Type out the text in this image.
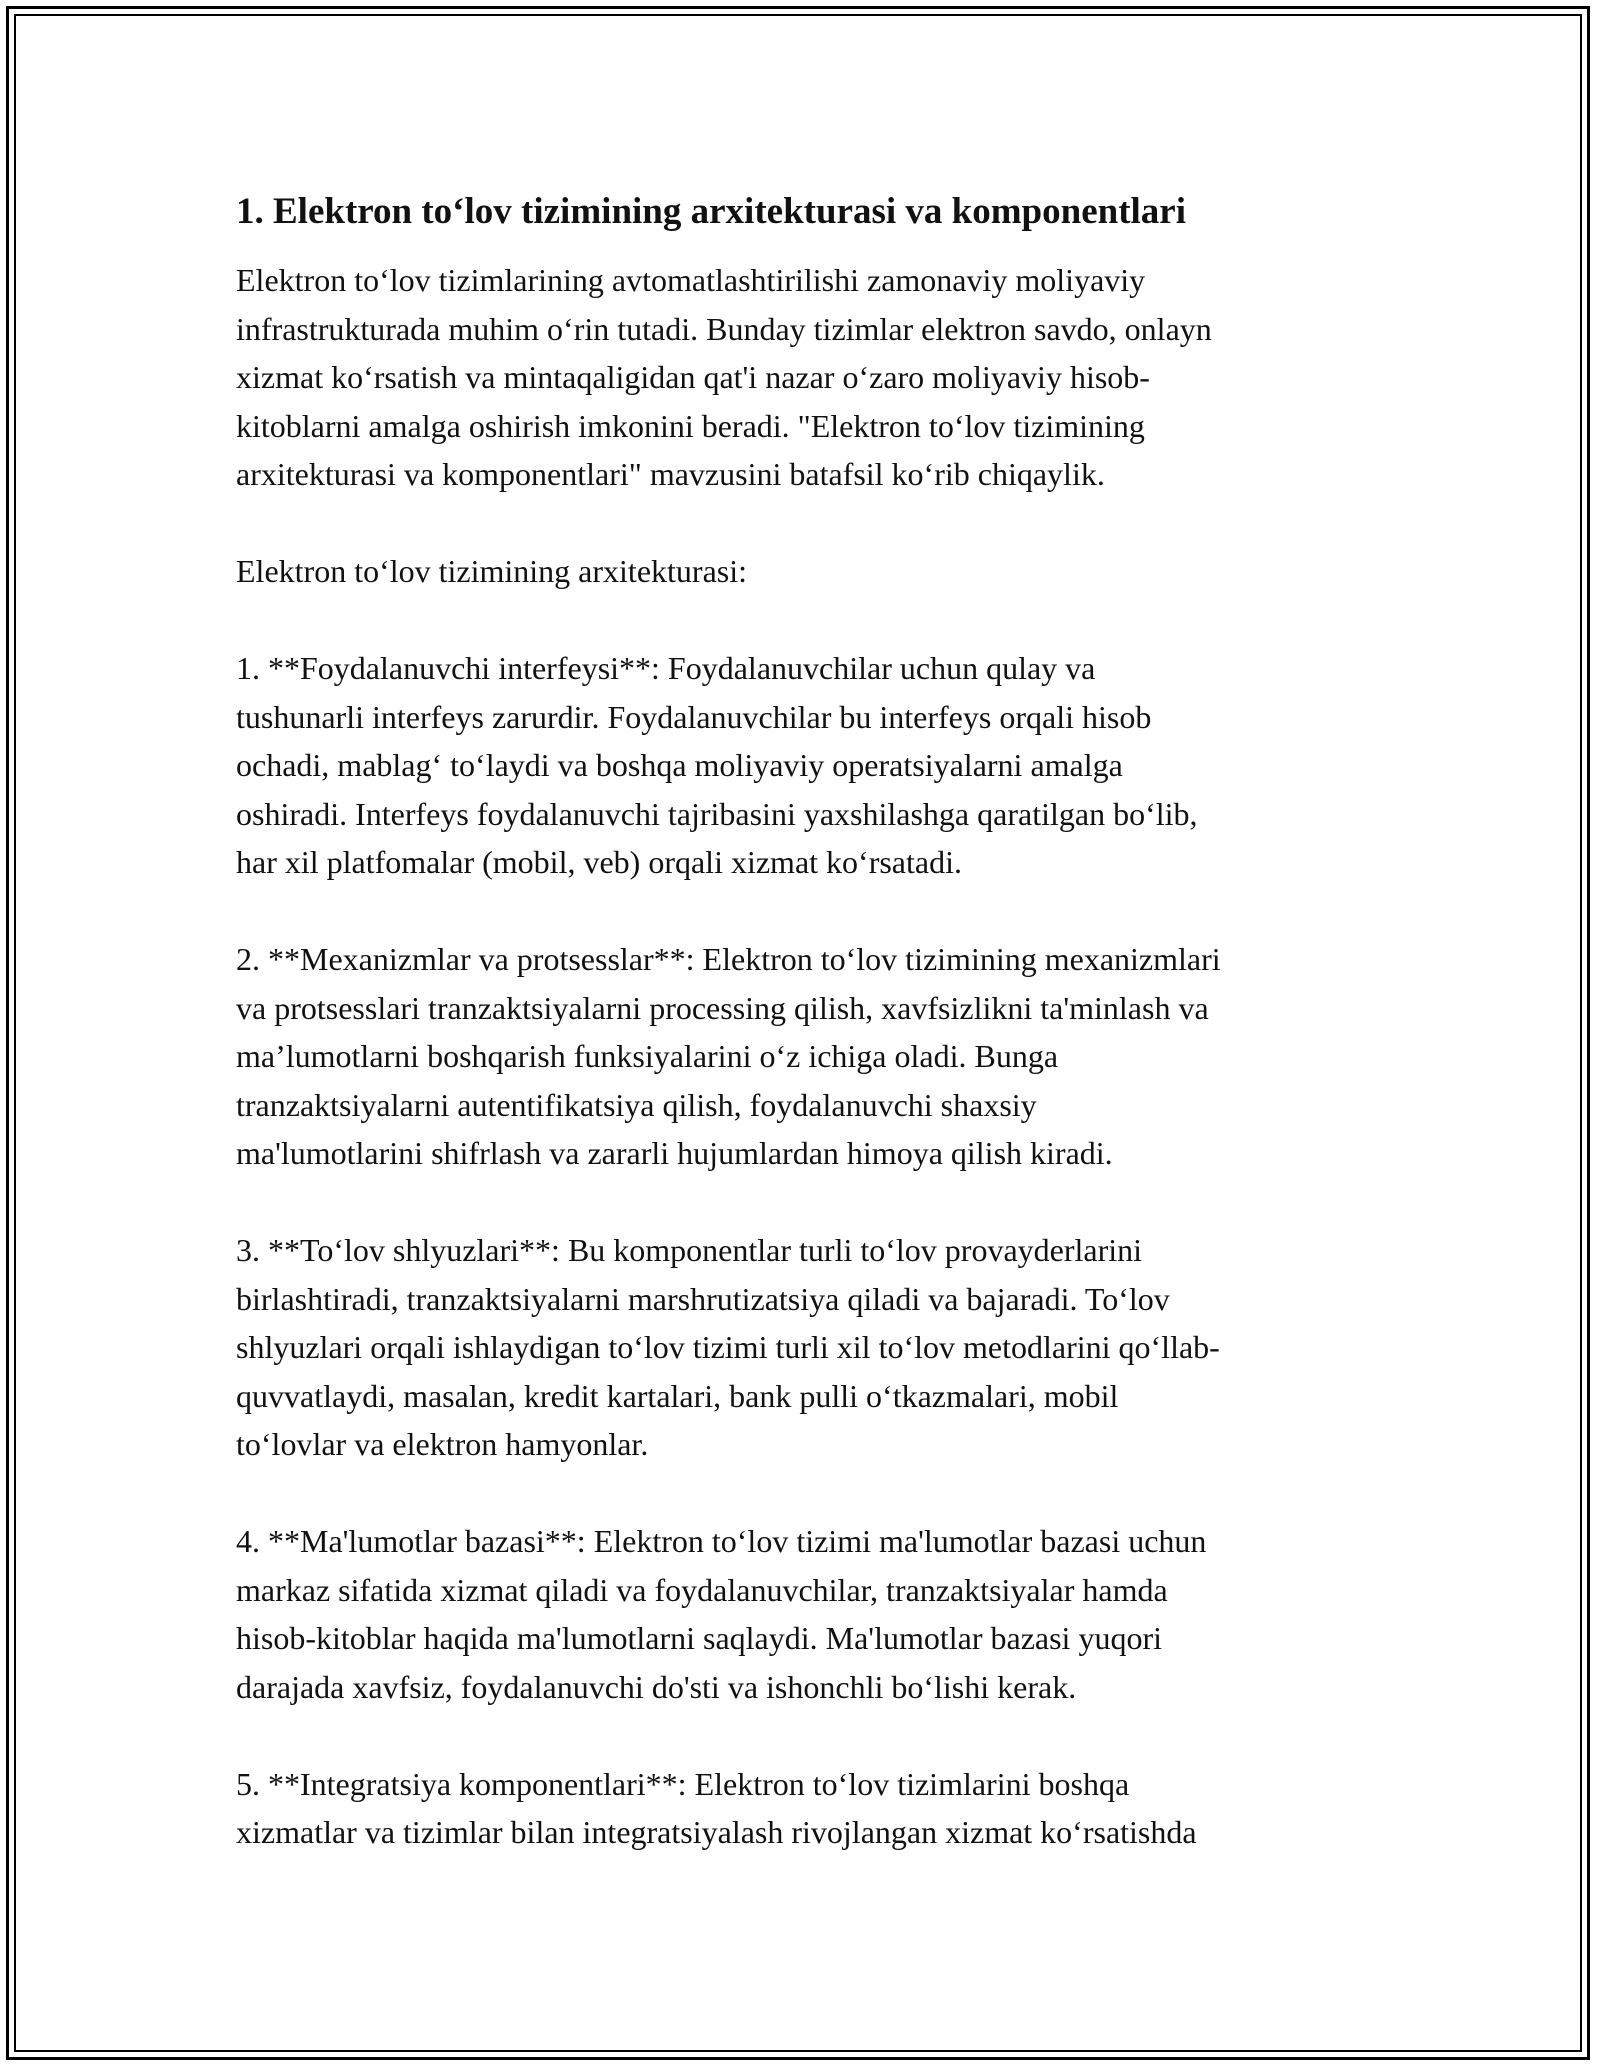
1. Elektron to‘lov tizimining arxitekturasi va komponentlari
Elektron to‘lov tizimlarining avtomatlashtirilishi zamonaviy moliyaviy
infrastrukturada muhim o‘rin tutadi. Bunday tizimlar elektron savdo, onlayn
xizmat ko‘rsatish va mintaqaligidan qat'i nazar o‘zaro moliyaviy hisob-
kitoblarni amalga oshirish imkonini beradi. "Elektron to‘lov tizimining
arxitekturasi va komponentlari" mavzusini batafsil ko‘rib chiqaylik.
Elektron to‘lov tizimining arxitekturasi:
1. **Foydalanuvchi interfeysi**: Foydalanuvchilar uchun qulay va
tushunarli interfeys zarurdir. Foydalanuvchilar bu interfeys orqali hisob
ochadi, mablag‘ to‘laydi va boshqa moliyaviy operatsiyalarni amalga
oshiradi. Interfeys foydalanuvchi tajribasini yaxshilashga qaratilgan bo‘lib,
har xil platfomalar (mobil, veb) orqali xizmat ko‘rsatadi.
2. **Mexanizmlar va protsesslar**: Elektron to‘lov tizimining mexanizmlari
va protsesslari tranzaktsiyalarni processing qilish, xavfsizlikni ta'minlash va
ma’lumotlarni boshqarish funksiyalarini o‘z ichiga oladi. Bunga
tranzaktsiyalarni autentifikatsiya qilish, foydalanuvchi shaxsiy
ma'lumotlarini shifrlash va zararli hujumlardan himoya qilish kiradi.
3. **To‘lov shlyuzlari**: Bu komponentlar turli to‘lov provayderlarini
birlashtiradi, tranzaktsiyalarni marshrutizatsiya qiladi va bajaradi. To‘lov
shlyuzlari orqali ishlaydigan to‘lov tizimi turli xil to‘lov metodlarini qo‘llab-
quvvatlaydi, masalan, kredit kartalari, bank pulli o‘tkazmalari, mobil
to‘lovlar va elektron hamyonlar.
4. **Ma'lumotlar bazasi**: Elektron to‘lov tizimi ma'lumotlar bazasi uchun
markaz sifatida xizmat qiladi va foydalanuvchilar, tranzaktsiyalar hamda
hisob-kitoblar haqida ma'lumotlarni saqlaydi. Ma'lumotlar bazasi yuqori
darajada xavfsiz, foydalanuvchi do'sti va ishonchli bo‘lishi kerak.
5. **Integratsiya komponentlari**: Elektron to‘lov tizimlarini boshqa
xizmatlar va tizimlar bilan integratsiyalash rivojlangan xizmat ko‘rsatishda
